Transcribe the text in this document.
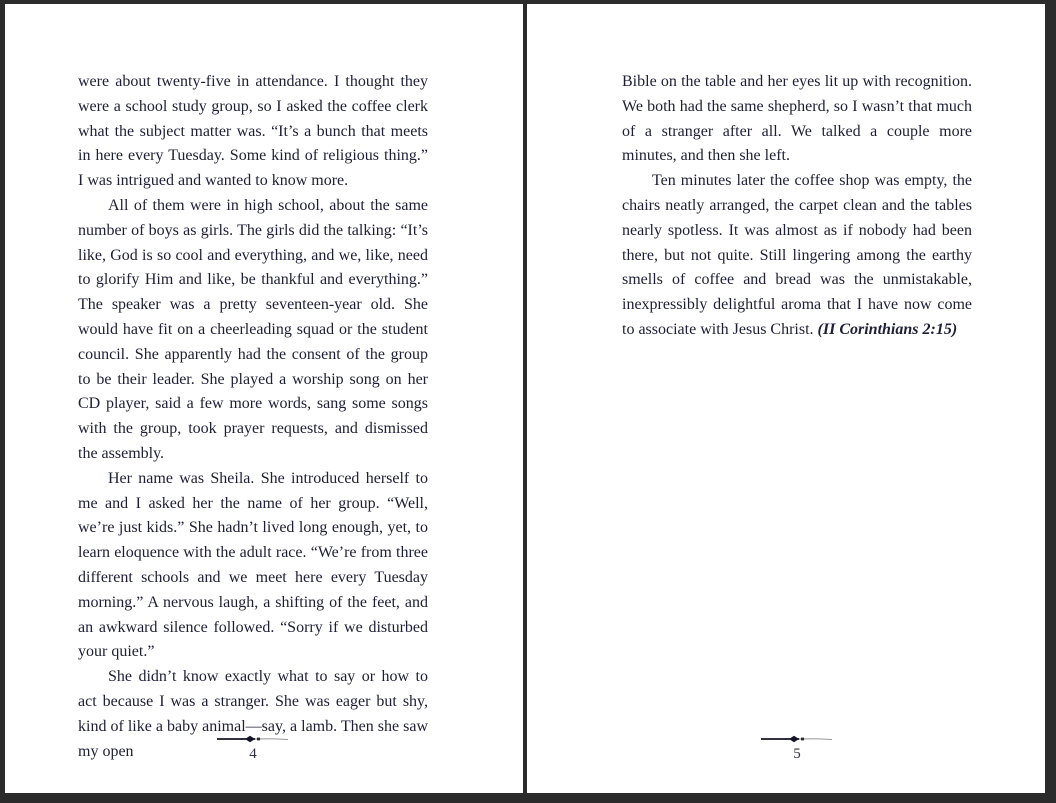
were about twenty-five in attendance. I thought they were a school study group, so I asked the coffee clerk what the subject matter was. “It’s a bunch that meets in here every Tuesday. Some kind of religious thing.” I was intrigued and wanted to know more.

All of them were in high school, about the same number of boys as girls. The girls did the talking: “It’s like, God is so cool and everything, and we, like, need to glorify Him and like, be thankful and everything.” The speaker was a pretty seventeen-year old. She would have fit on a cheerleading squad or the student council. She apparently had the consent of the group to be their leader. She played a worship song on her CD player, said a few more words, sang some songs with the group, took prayer requests, and dismissed the assembly.

Her name was Sheila. She introduced herself to me and I asked her the name of her group. “Well, we’re just kids.” She hadn’t lived long enough, yet, to learn eloquence with the adult race. “We’re from three different schools and we meet here every Tuesday morning.” A nervous laugh, a shifting of the feet, and an awkward silence followed. “Sorry if we disturbed your quiet.”

She didn’t know exactly what to say or how to act because I was a stranger. She was eager but shy, kind of like a baby animal—say, a lamb. Then she saw my open	4

Bible on the table and her eyes lit up with recognition. We both had the same shepherd, so I wasn’t that much of a stranger after all. We talked a couple more minutes, and then she left.

Ten minutes later the coffee shop was empty, the chairs neatly arranged, the carpet clean and the tables nearly spotless. It was almost as if nobody had been there, but not quite. Still lingering among the earthy smells of coffee and bread was the unmistakable, inexpressibly delightful aroma that I have now come to associate with Jesus Christ. (II Corinthians 2:15)

5
